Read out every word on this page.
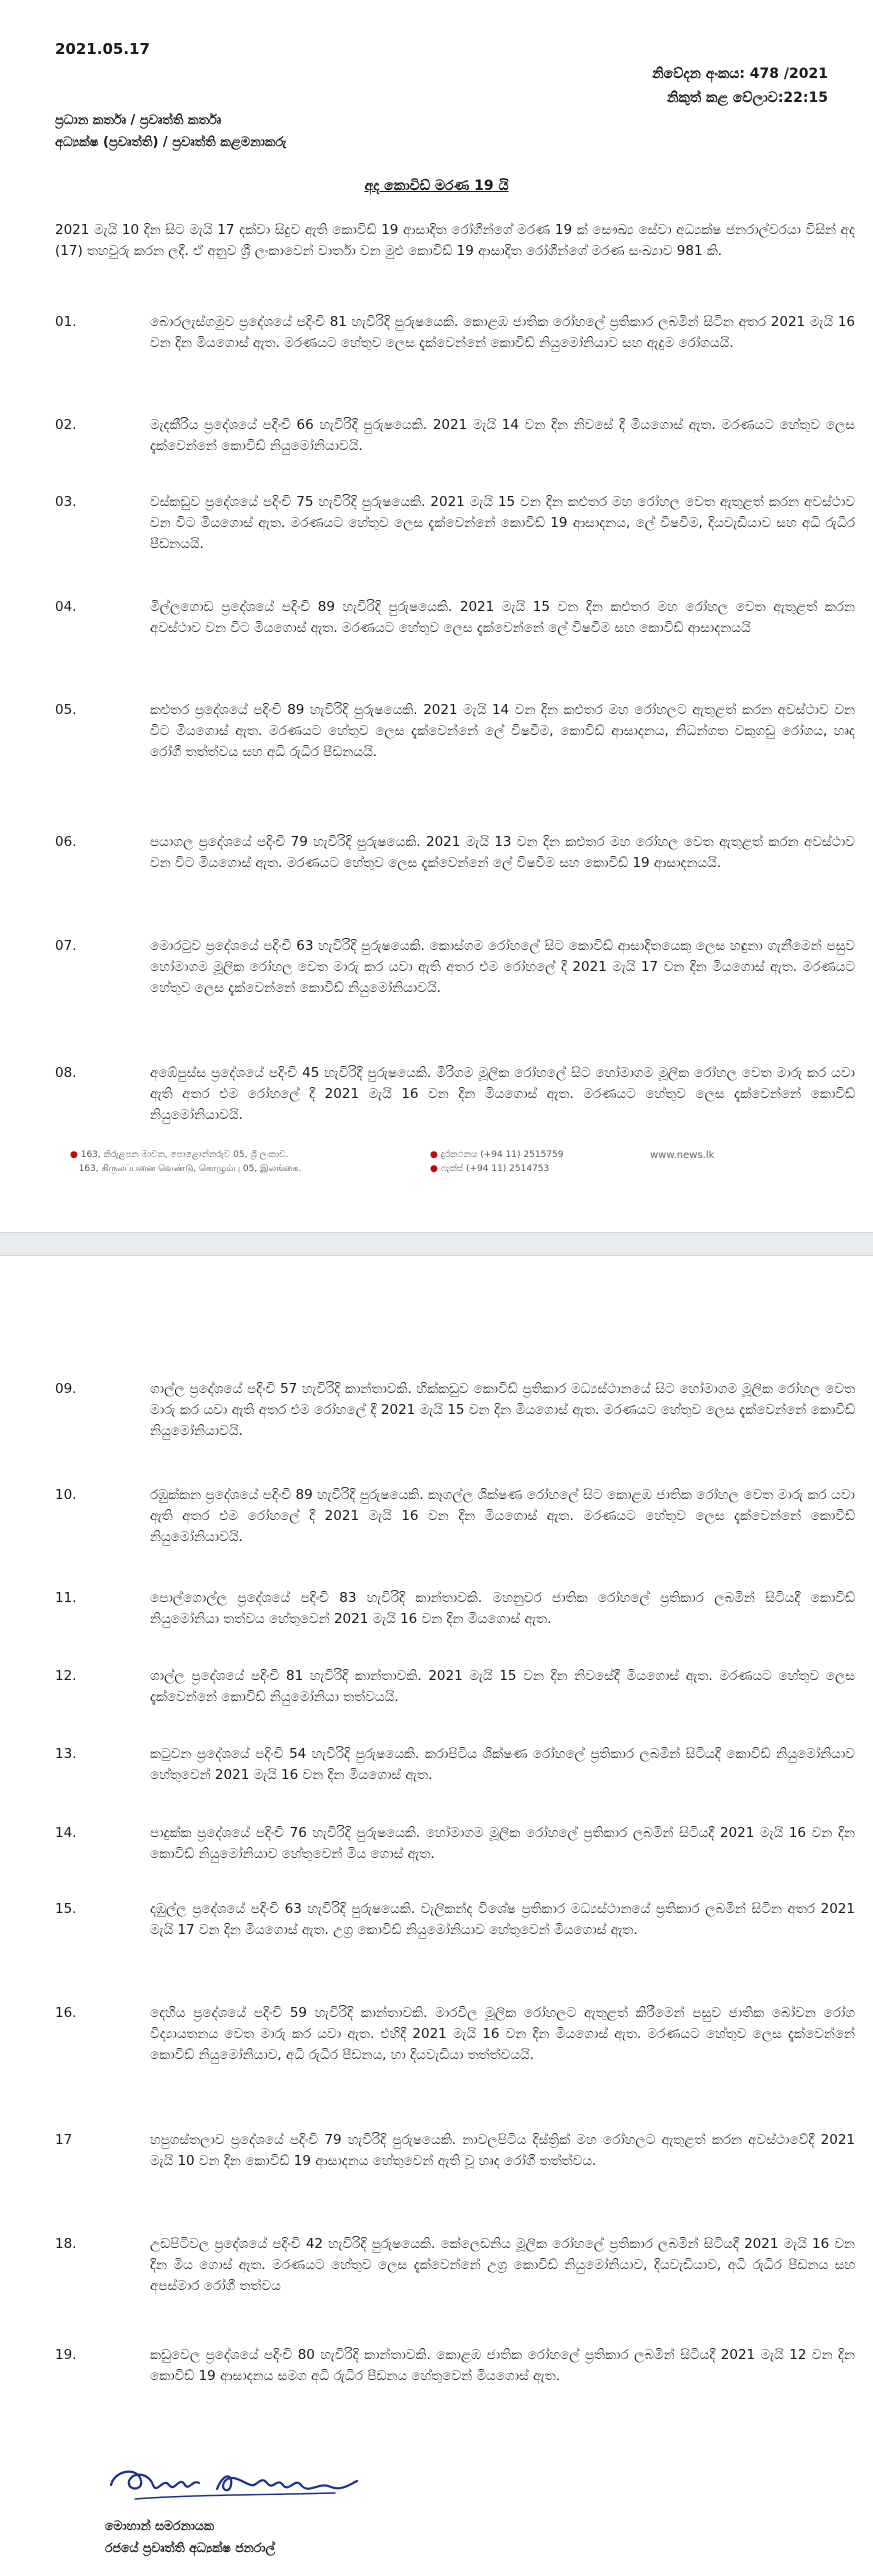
2021.05.17
නිවේදන අංකය: 478 /2021
නිකුත් කළ වේලාව:22:15
ප්‍රධාන කර්තෘ / ප්‍රවෘත්ති කර්තෘ
අධ්‍යක්ෂ (ප්‍රවෘත්ති) / ප්‍රවෘත්ති කළමනාකරු
අද කොවිඩ් මරණ 19 යි
2021 මැයි 10 දින සිට මැයි 17 දක්වා සිදුව ඇති කොවිඩ් 19 ආසාදිත රෝගීන්ගේ මරණ 19 ක් සෞඛ්‍ය සේවා අධ්‍යක්ෂ ජනරාල්වරයා විසින් අද (17) තහවුරු කරන ලදී. ඒ අනුව ශ්‍රී ලංකාවෙන් වාර්තා වන මුළු කොවිඩ් 19 ආසාදිත රෝගීන්ගේ මරණ සංඛ්‍යාව 981 කි.
01.	බොරලැස්ගමුව ප්‍රදේශයේ පදිංචි 81 හැවිරිදි පුරුෂයෙකි. කොළඹ ජාතික රෝහලේ ප්‍රතිකාර ලබමින් සිටින අතර 2021 මැයි 16 වන දින මියගොස් ඇත. මරණයට හේතුව ලෙස දැක්වෙන්නේ කොවිඩ් නියුමෝනියාව සහ ඇදුම රෝගයයි.
02.	මැදකීරිය ප්‍රදේශයේ පදිංචි 66 හැවිරිදි පුරුෂයෙකි. 2021 මැයි 14 වන දින නිවසේ දී මියගොස් ඇත. මරණයට හේතුව ලෙස දැක්වෙන්නේ කොවිඩ් නියුමෝනියාවයි.
03.	වස්කඩුව ප්‍රදේශයේ පදිංචි 75 හැවිරිදි පුරුෂයෙකි. 2021 මැයි 15 වන දින කළුතර මහ රෝහල වෙත ඇතුළත් කරන අවස්ථාව වන විට මියගොස් ඇත. මරණයට හේතුව ලෙස දැක්වෙන්නේ කොවිඩ් 19 ආසාදනය, ලේ විෂවීම, දියවැඩියාව සහ අධි රුධිර පීඩනයයි.
04.	මිල්ලගොඩ ප්‍රදේශයේ පදිංචි 89 හැවිරිදි පුරුෂයෙකි. 2021 මැයි 15 වන දින කළුතර මහ රෝහල වෙත ඇතුළත් කරන අවස්ථාව වන විට මියගොස් ඇත. මරණයට හේතුව ලෙස දැක්වෙන්නේ ලේ විෂවීම සහ කොවිඩ් ආසාදනයයි
05.	කළුතර ප්‍රදේශයේ පදිංචි 89 හැවිරිදි පුරුෂයෙකි. 2021 මැයි 14 වන දින කළුතර මහ රෝහලට ඇතුළත් කරන අවස්ථාව වන විට මියගොස් ඇත. මරණයට හේතුව ලෙස දැක්වෙන්නේ ලේ විෂවීම, කොවිඩ් ආසාදනය, නිධන්ගත වකුගඩු රෝගය, හෘද රෝගී තත්ත්වය සහ අධි රුධිර පීඩනයයි.
06.	පයාගල ප්‍රදේශයේ පදිංචි 79 හැවිරිදි පුරුෂයෙකි. 2021 මැයි 13 වන දින කළුතර මහ රෝහල වෙත ඇතුළත් කරන අවස්ථාව වන විට මියගොස් ඇත. මරණයට හේතුව ලෙස දැක්වෙන්නේ ලේ විෂවීම සහ කොවිඩ් 19 ආසාදනයයි.
07.	මොරටුව ප්‍රදේශයේ පදිංචි 63 හැවිරිදි පුරුෂයෙකි. කොස්ගම රෝහලේ සිට කොවිඩ් ආසාදිතයෙකු ලෙස හඳුනා ගැනීමෙන් පසුව හෝමාගම මූලික රෝහල වෙත මාරු කර යවා ඇති අතර එම රෝහලේ දී 2021 මැයි 17 වන දින මියගොස් ඇත. මරණයට හේතුව ලෙස දැක්වෙන්නේ කොවිඩ් නියුමෝනියාවයි.
08.	අඹේපුස්ස ප්‍රදේශයේ පදිංචි 45 හැවිරිදි පුරුෂයෙකි. මීරිගම මූලික රෝහලේ සිට හෝමාගම මූලික රෝහල වෙත මාරු කර යවා ඇති අතර එම රෝහලේ දී 2021 මැයි 16 වන දින මියගොස් ඇත. මරණයට හේතුව ලෙස දැක්වෙන්නේ කොවිඩ් නියුමෝනියාවයි.
● 163, කිරුළපන මාවත, පොළොන්නරුව 05, ශ්‍රී ලංකාව.
163, கிருலப்பனை வெண்டு, கொழும்பு 05, இலங்கை.
● දුරකථනය (+94 11) 2515759
● ෆැක්ස් (+94 11) 2514753
www.news.lk
09.	ගාල්ල ප්‍රදේශයේ පදිංචි 57 හැවිරිදි කාන්තාවකි. හික්කඩුව කොවිඩ් ප්‍රතිකාර මධ්‍යස්ථානයේ සිට හෝමාගම මූලික රෝහල වෙත මාරු කර යවා ඇති අතර එම රෝහලේ දී 2021 මැයි 15 වන දින මියගොස් ඇත. මරණයට හේතුව ලෙස දැක්වෙන්නේ කොවිඩ් නියුමෝනියාවයි.
10.	රඹුක්කන ප්‍රදේශයේ පදිංචි 89 හැවිරිදි පුරුෂයෙකි. කෑගල්ල ශික්ෂණ රෝහලේ සිට කොළඹ ජාතික රෝහල වෙත මාරු කර යවා ඇති අතර එම රෝහලේ දී 2021 මැයි 16 වන දින මියගොස් ඇත. මරණයට හේතුව ලෙස දැක්වෙන්නේ කොවිඩ් නියුමෝනියාවයි.
11.	පොල්ගොල්ල ප්‍රදේශයේ පදිංචි 83 හැවිරිදි කාන්තාවකි. මහනුවර ජාතික රෝහලේ ප්‍රතිකාර ලබමින් සිටියදී කොවිඩ් නියුමෝනියා තත්වය හේතුවෙන් 2021 මැයි 16 වන දින මියගොස් ඇත.
12.	ගාල්ල ප්‍රදේශයේ පදිංචි 81 හැවිරිදි කාන්තාවකි. 2021 මැයි 15 වන දින නිවසේදී මියගොස් ඇත. මරණයට හේතුව ලෙස දැක්වෙන්නේ කොවිඩ් නියුමෝනියා තත්වයයි.
13.	කටුවන ප්‍රදේශයේ පදිංචි 54 හැවිරිදි පුරුෂයෙකි. කරාපිටිය ශික්ෂණ රෝහලේ ප්‍රතිකාර ලබමින් සිටියදී කොවිඩ් නියුමෝනියාව හේතුවෙන් 2021 මැයි 16 වන දින මියගොස් ඇත.
14.	පාදුක්ක ප්‍රදේශයේ පදිංචි 76 හැවිරිදි පුරුෂයෙකි. හෝමාගම මූලික රෝහලේ ප්‍රතිකාර ලබමින් සිටියදී 2021 මැයි 16 වන දින කොවිඩ් නියුමෝනියාව හේතුවෙන් මිය ගොස් ඇත.
15.	දඹුල්ල ප්‍රදේශයේ පදිංචි 63 හැවිරිදි පුරුෂයෙකි. වැලිකන්ද විශේෂ ප්‍රතිකාර මධ්‍යස්ථානයේ ප්‍රතිකාර ලබමින් සිටින අතර 2021 මැයි 17 වන දින මියගොස් ඇත. උග්‍ර කොවිඩ් නියුමෝනියාව හේතුවෙන් මියගොස් ඇත.
16.	දෙහිය ප්‍රදේශයේ පදිංචි 59 හැවිරිදි කාන්තාවකි. මාරවිල මූලික රෝහලට ඇතුළත් කිරීමෙන් පසුව ජාතික බෝවන රෝග විද්‍යායතනය වෙත මාරු කර යවා ඇත. එහිදී 2021 මැයි 16 වන දින මියගොස් ඇත. මරණයට හේතුව ලෙස දැක්වෙන්නේ කොවිඩ් නියුමෝනියාව, අධි රුධිර පීඩනය, හා දියවැඩියා තත්ත්වයයි.
17	හපුගස්තලාව ප්‍රදේශයේ පදිංචි 79 හැවිරිදි පුරුෂයෙකි. නාවලපිටිය දිස්ත්‍රික් මහ රෝහලට ඇතුළත් කරන අවස්ථාවේදී 2021 මැයි 10 වන දින කොවිඩ් 19 ආසාදනය හේතුවෙන් ඇති වූ හෘද රෝගී තත්ත්වය.
18.	උඩපිටිවල ප්‍රදේශයේ පදිංචි 42 හැවිරිදි පුරුෂයෙකි. කේලෙඩනිය මූලික රෝහලේ ප්‍රතිකාර ලබමින් සිටියදී 2021 මැයි 16 වන දින මිය ගොස් ඇත. මරණයට හේතුව ලෙස දැක්වෙන්නේ උග්‍ර කොවිඩ් නියුමෝනියාව, දියවැඩියාව, අධි රුධිර පීඩනය සහ අපස්මාර රෝගී තත්වය
19.	කඩුවෙල ප්‍රදේශයේ පදිංචි 80 හැවිරිදි කාන්තාවකි. කොළඹ ජාතික රෝහලේ ප්‍රතිකාර ලබමින් සිටියදී 2021 මැයි 12 වන දින කොවිඩ් 19 ආසාදනය සමග අධි රුධිර පීඩනය හේතුවෙන් මියගොස් ඇත.
මොහාන් සමරනායක
රජයේ ප්‍රවෘත්ති අධ්‍යක්ෂ ජනරාල්
